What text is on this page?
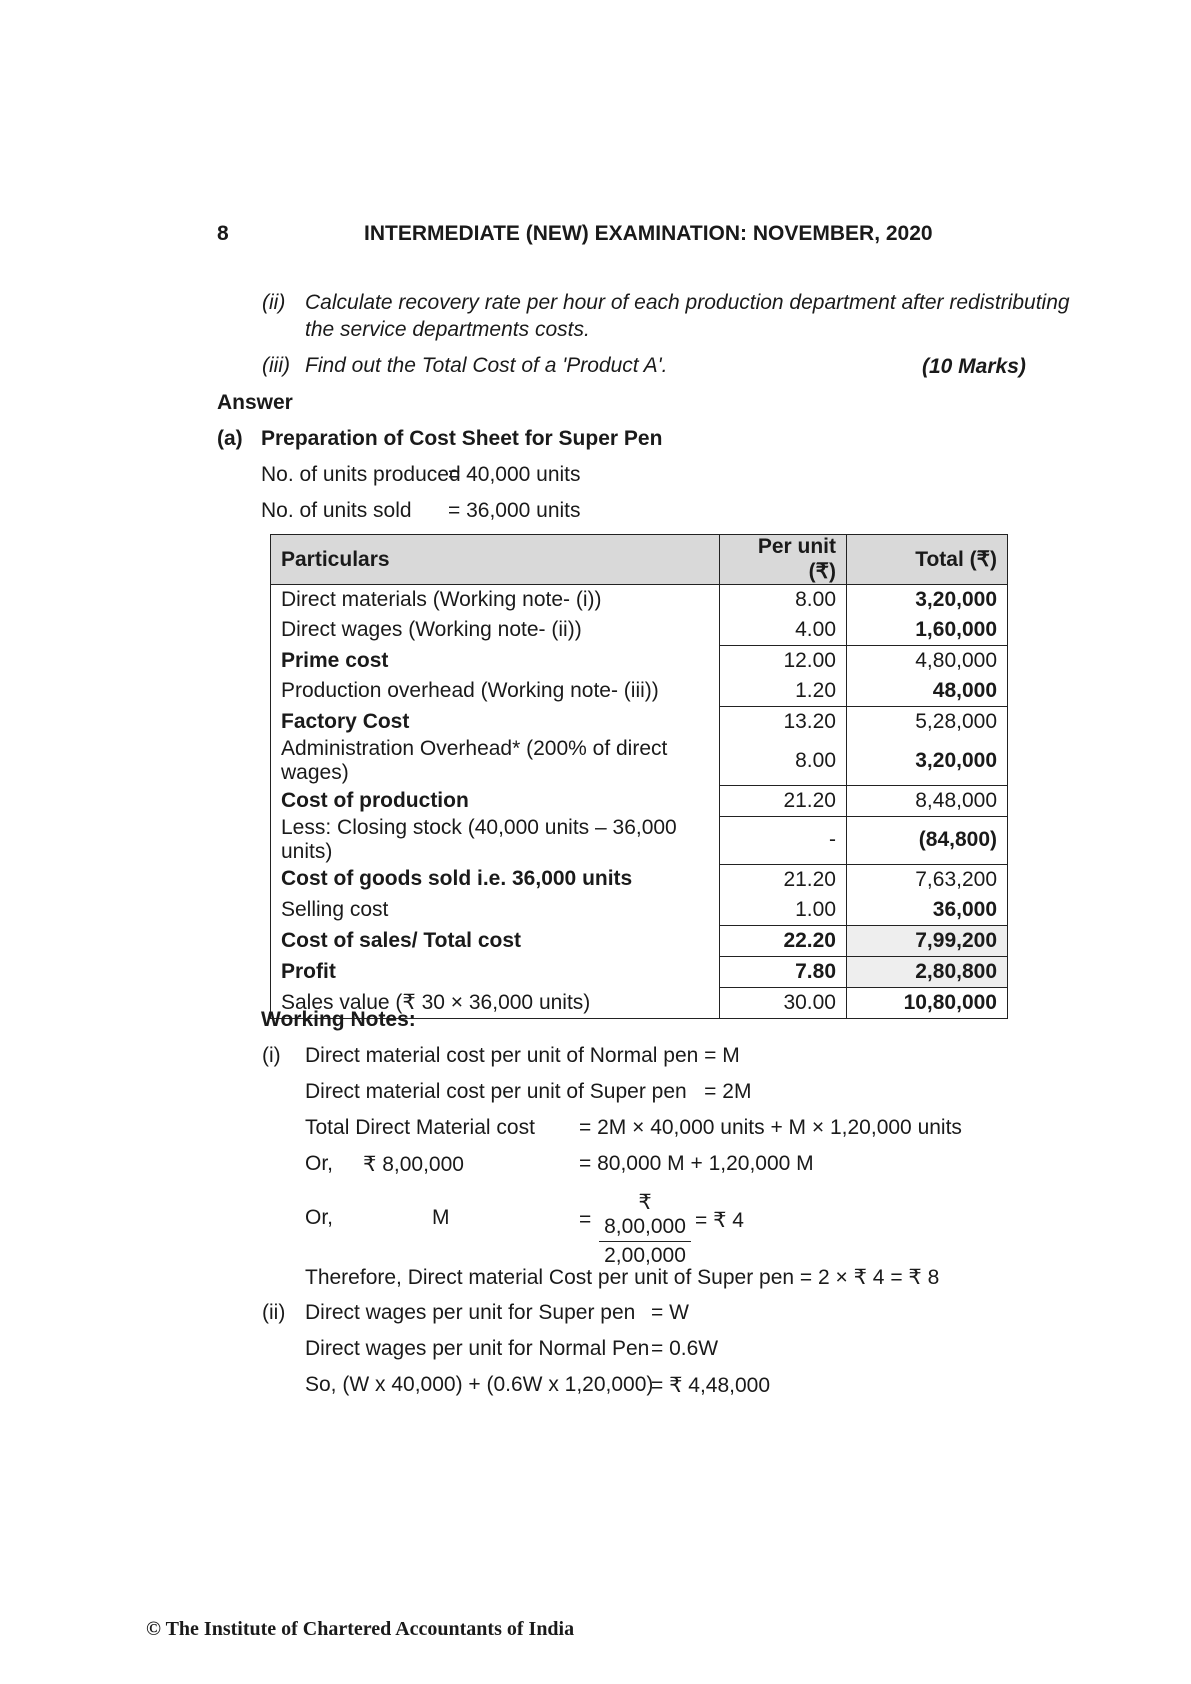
8	INTERMEDIATE (NEW) EXAMINATION: NOVEMBER, 2020
(ii) Calculate recovery rate per hour of each production department after redistributing
the service departments costs.
(iii) Find out the Total Cost of a 'Product A'.	(10 Marks)
Answer
(a) Preparation of Cost Sheet for Super Pen
No. of units produced
= 40,000 units
No. of units sold = 36,000 units
Particulars	Per unit (₹)	Total (₹)
Direct materials (Working note- (i))	8.00	3,20,000
Direct wages (Working note- (ii))	4.00	1,60,000
Prime cost	12.00	4,80,000
Production overhead (Working note- (iii))	1.20	48,000
Factory Cost	13.20	5,28,000
Administration Overhead* (200% of direct wages)	8.00	3,20,000
Cost of production	21.20	8,48,000
Less: Closing stock (40,000 units – 36,000 units)	-	(84,800)
Cost of goods sold i.e. 36,000 units	21.20	7,63,200
Selling cost	1.00	36,000
Cost of sales/ Total cost	22.20	7,99,200
Profit	7.80	2,80,800
Sales value (₹ 30 × 36,000 units)	30.00	10,80,000
Working Notes:
(i) Direct material cost per unit of Normal pen = M
Direct material cost per unit of Super pen   = 2M
Total Direct Material cost = 2M × 40,000 units + M × 1,20,000 units
Or, ₹ 8,00,000	= 80,000 M + 1,20,000 M
Or,	M	=
₹ 8,00,000
2,00,000
= ₹ 4
Therefore, Direct material Cost per unit of Super pen = 2 × ₹ 4 = ₹ 8
(ii) Direct wages per unit for Super pen = W
Direct wages per unit for Normal Pen = 0.6W
So, (W x 40,000) + (0.6W x 1,20,000)
= ₹ 4,48,000
© The Institute of Chartered Accountants of India
